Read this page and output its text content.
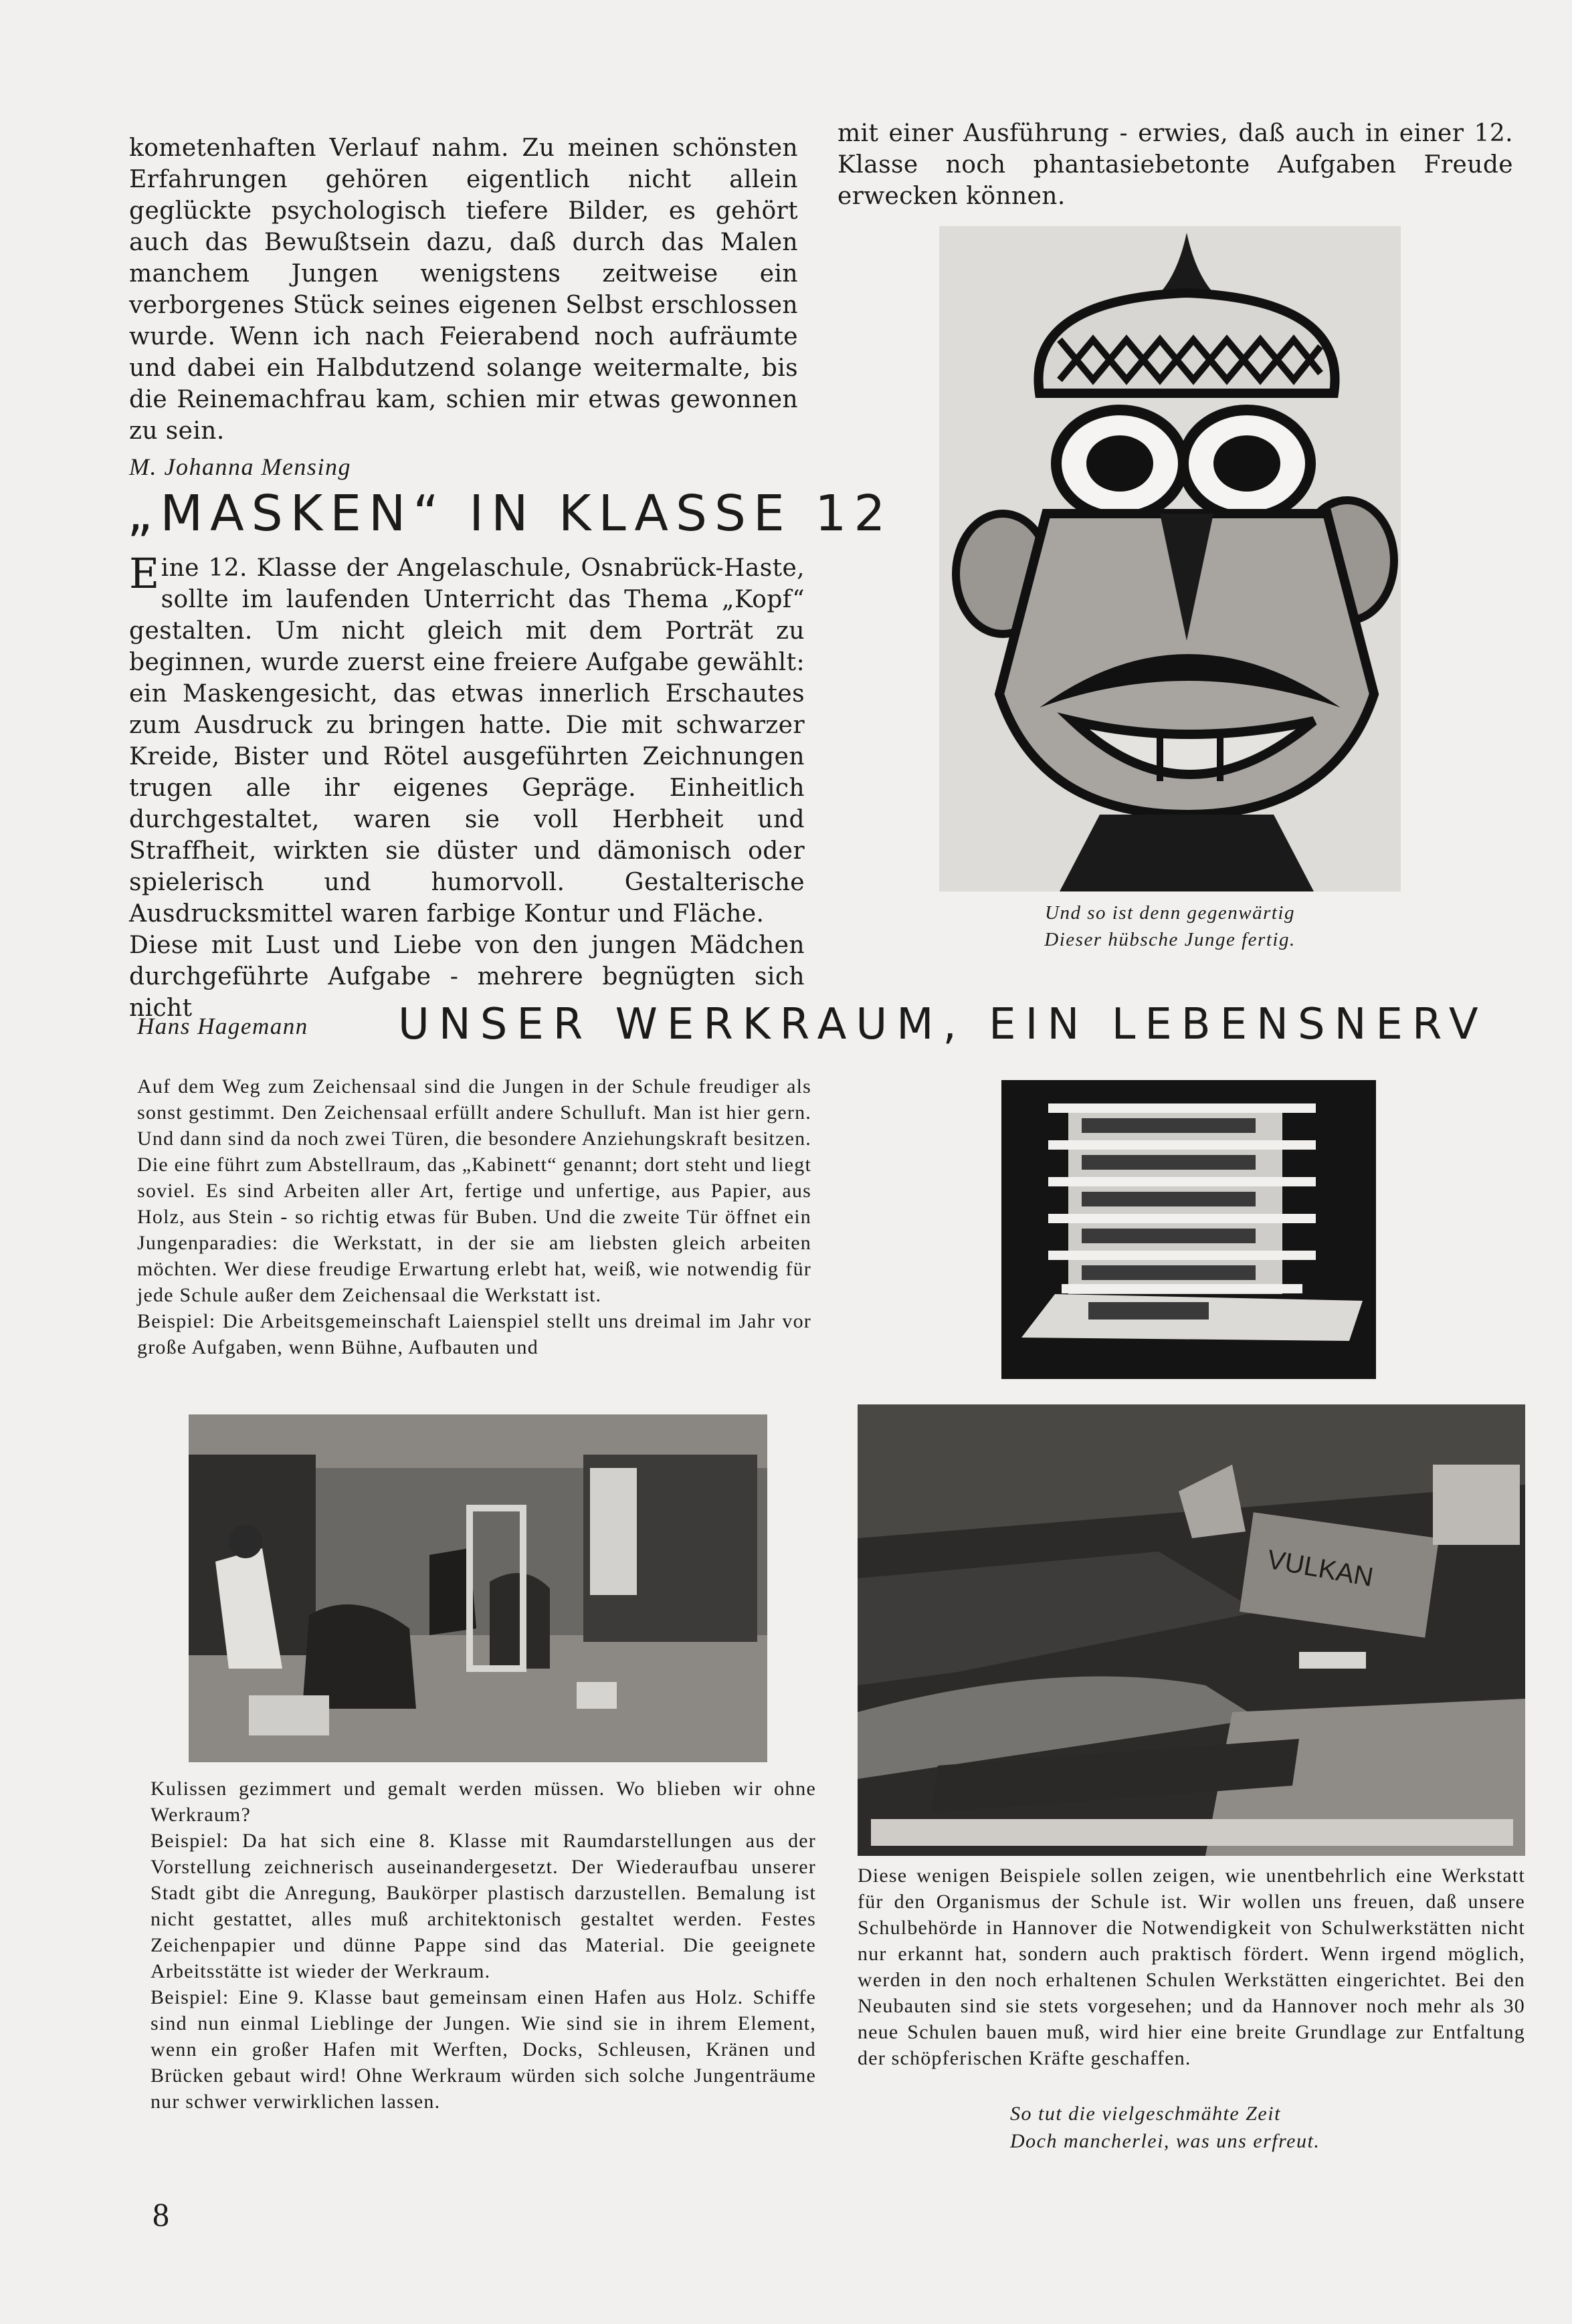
kometenhaften Verlauf nahm. Zu meinen schönsten Erfahrungen gehören eigentlich nicht allein geglückte psychologisch tiefere Bilder, es gehört auch das Bewußtsein dazu, daß durch das Malen manchem Jungen wenigstens zeitweise ein verborgenes Stück seines eigenen Selbst erschlossen wurde. Wenn ich nach Feierabend noch aufräumte und dabei ein Halbdutzend solange weitermalte, bis die Reinemachfrau kam, schien mir etwas gewonnen zu sein.
mit einer Ausführung - erwies, daß auch in einer 12. Klasse noch phantasiebetonte Aufgaben Freude erwecken können.
M. Johanna Mensing
„MASKEN“ IN KLASSE 12
Eine 12. Klasse der Angelaschule, Osnabrück-Haste, sollte im laufenden Unterricht das Thema „Kopf“ gestalten. Um nicht gleich mit dem Porträt zu beginnen, wurde zuerst eine freiere Aufgabe gewählt: ein Maskengesicht, das etwas innerlich Erschautes zum Ausdruck zu bringen hatte. Die mit schwarzer Kreide, Bister und Rötel ausgeführten Zeichnungen trugen alle ihr eigenes Gepräge. Einheitlich durchgestaltet, waren sie voll Herbheit und Straffheit, wirkten sie düster und dämonisch oder spielerisch und humorvoll. Gestalterische Ausdrucksmittel waren farbige Kontur und Fläche.
Diese mit Lust und Liebe von den jungen Mädchen durchgeführte Aufgabe - mehrere begnügten sich nicht
Und so ist denn gegenwärtig
Dieser hübsche Junge fertig.
Hans Hagemann UNSER WERKRAUM, EIN LEBENSNERV
Auf dem Weg zum Zeichensaal sind die Jungen in der Schule freudiger als sonst gestimmt. Den Zeichensaal erfüllt andere Schulluft. Man ist hier gern. Und dann sind da noch zwei Türen, die besondere Anziehungskraft besitzen. Die eine führt zum Abstellraum, das „Kabinett“ genannt; dort steht und liegt soviel. Es sind Arbeiten aller Art, fertige und unfertige, aus Papier, aus Holz, aus Stein - so richtig etwas für Buben. Und die zweite Tür öffnet ein Jungenparadies: die Werkstatt, in der sie am liebsten gleich arbeiten möchten. Wer diese freudige Erwartung erlebt hat, weiß, wie notwendig für jede Schule außer dem Zeichensaal die Werkstatt ist.
Beispiel: Die Arbeitsgemeinschaft Laienspiel stellt uns dreimal im Jahr vor große Aufgaben, wenn Bühne, Aufbauten und
VULKAN
Kulissen gezimmert und gemalt werden müssen. Wo blieben wir ohne Werkraum?
Beispiel: Da hat sich eine 8. Klasse mit Raumdarstellungen aus der Vorstellung zeichnerisch auseinandergesetzt. Der Wiederaufbau unserer Stadt gibt die Anregung, Baukörper plastisch darzustellen. Bemalung ist nicht gestattet, alles muß architektonisch gestaltet werden. Festes Zeichenpapier und dünne Pappe sind das Material. Die geeignete Arbeitsstätte ist wieder der Werkraum.
Beispiel: Eine 9. Klasse baut gemeinsam einen Hafen aus Holz. Schiffe sind nun einmal Lieblinge der Jungen. Wie sind sie in ihrem Element, wenn ein großer Hafen mit Werften, Docks, Schleusen, Kränen und Brücken gebaut wird! Ohne Werkraum würden sich solche Jungenträume nur schwer verwirklichen lassen.
Diese wenigen Beispiele sollen zeigen, wie unentbehrlich eine Werkstatt für den Organismus der Schule ist. Wir wollen uns freuen, daß unsere Schulbehörde in Hannover die Notwendigkeit von Schulwerkstätten nicht nur erkannt hat, sondern auch praktisch fördert. Wenn irgend möglich, werden in den noch erhaltenen Schulen Werkstätten eingerichtet. Bei den Neubauten sind sie stets vorgesehen; und da Hannover noch mehr als 30 neue Schulen bauen muß, wird hier eine breite Grundlage zur Entfaltung der schöpferischen Kräfte geschaffen.
So tut die vielgeschmähte Zeit
Doch mancherlei, was uns erfreut.
8
